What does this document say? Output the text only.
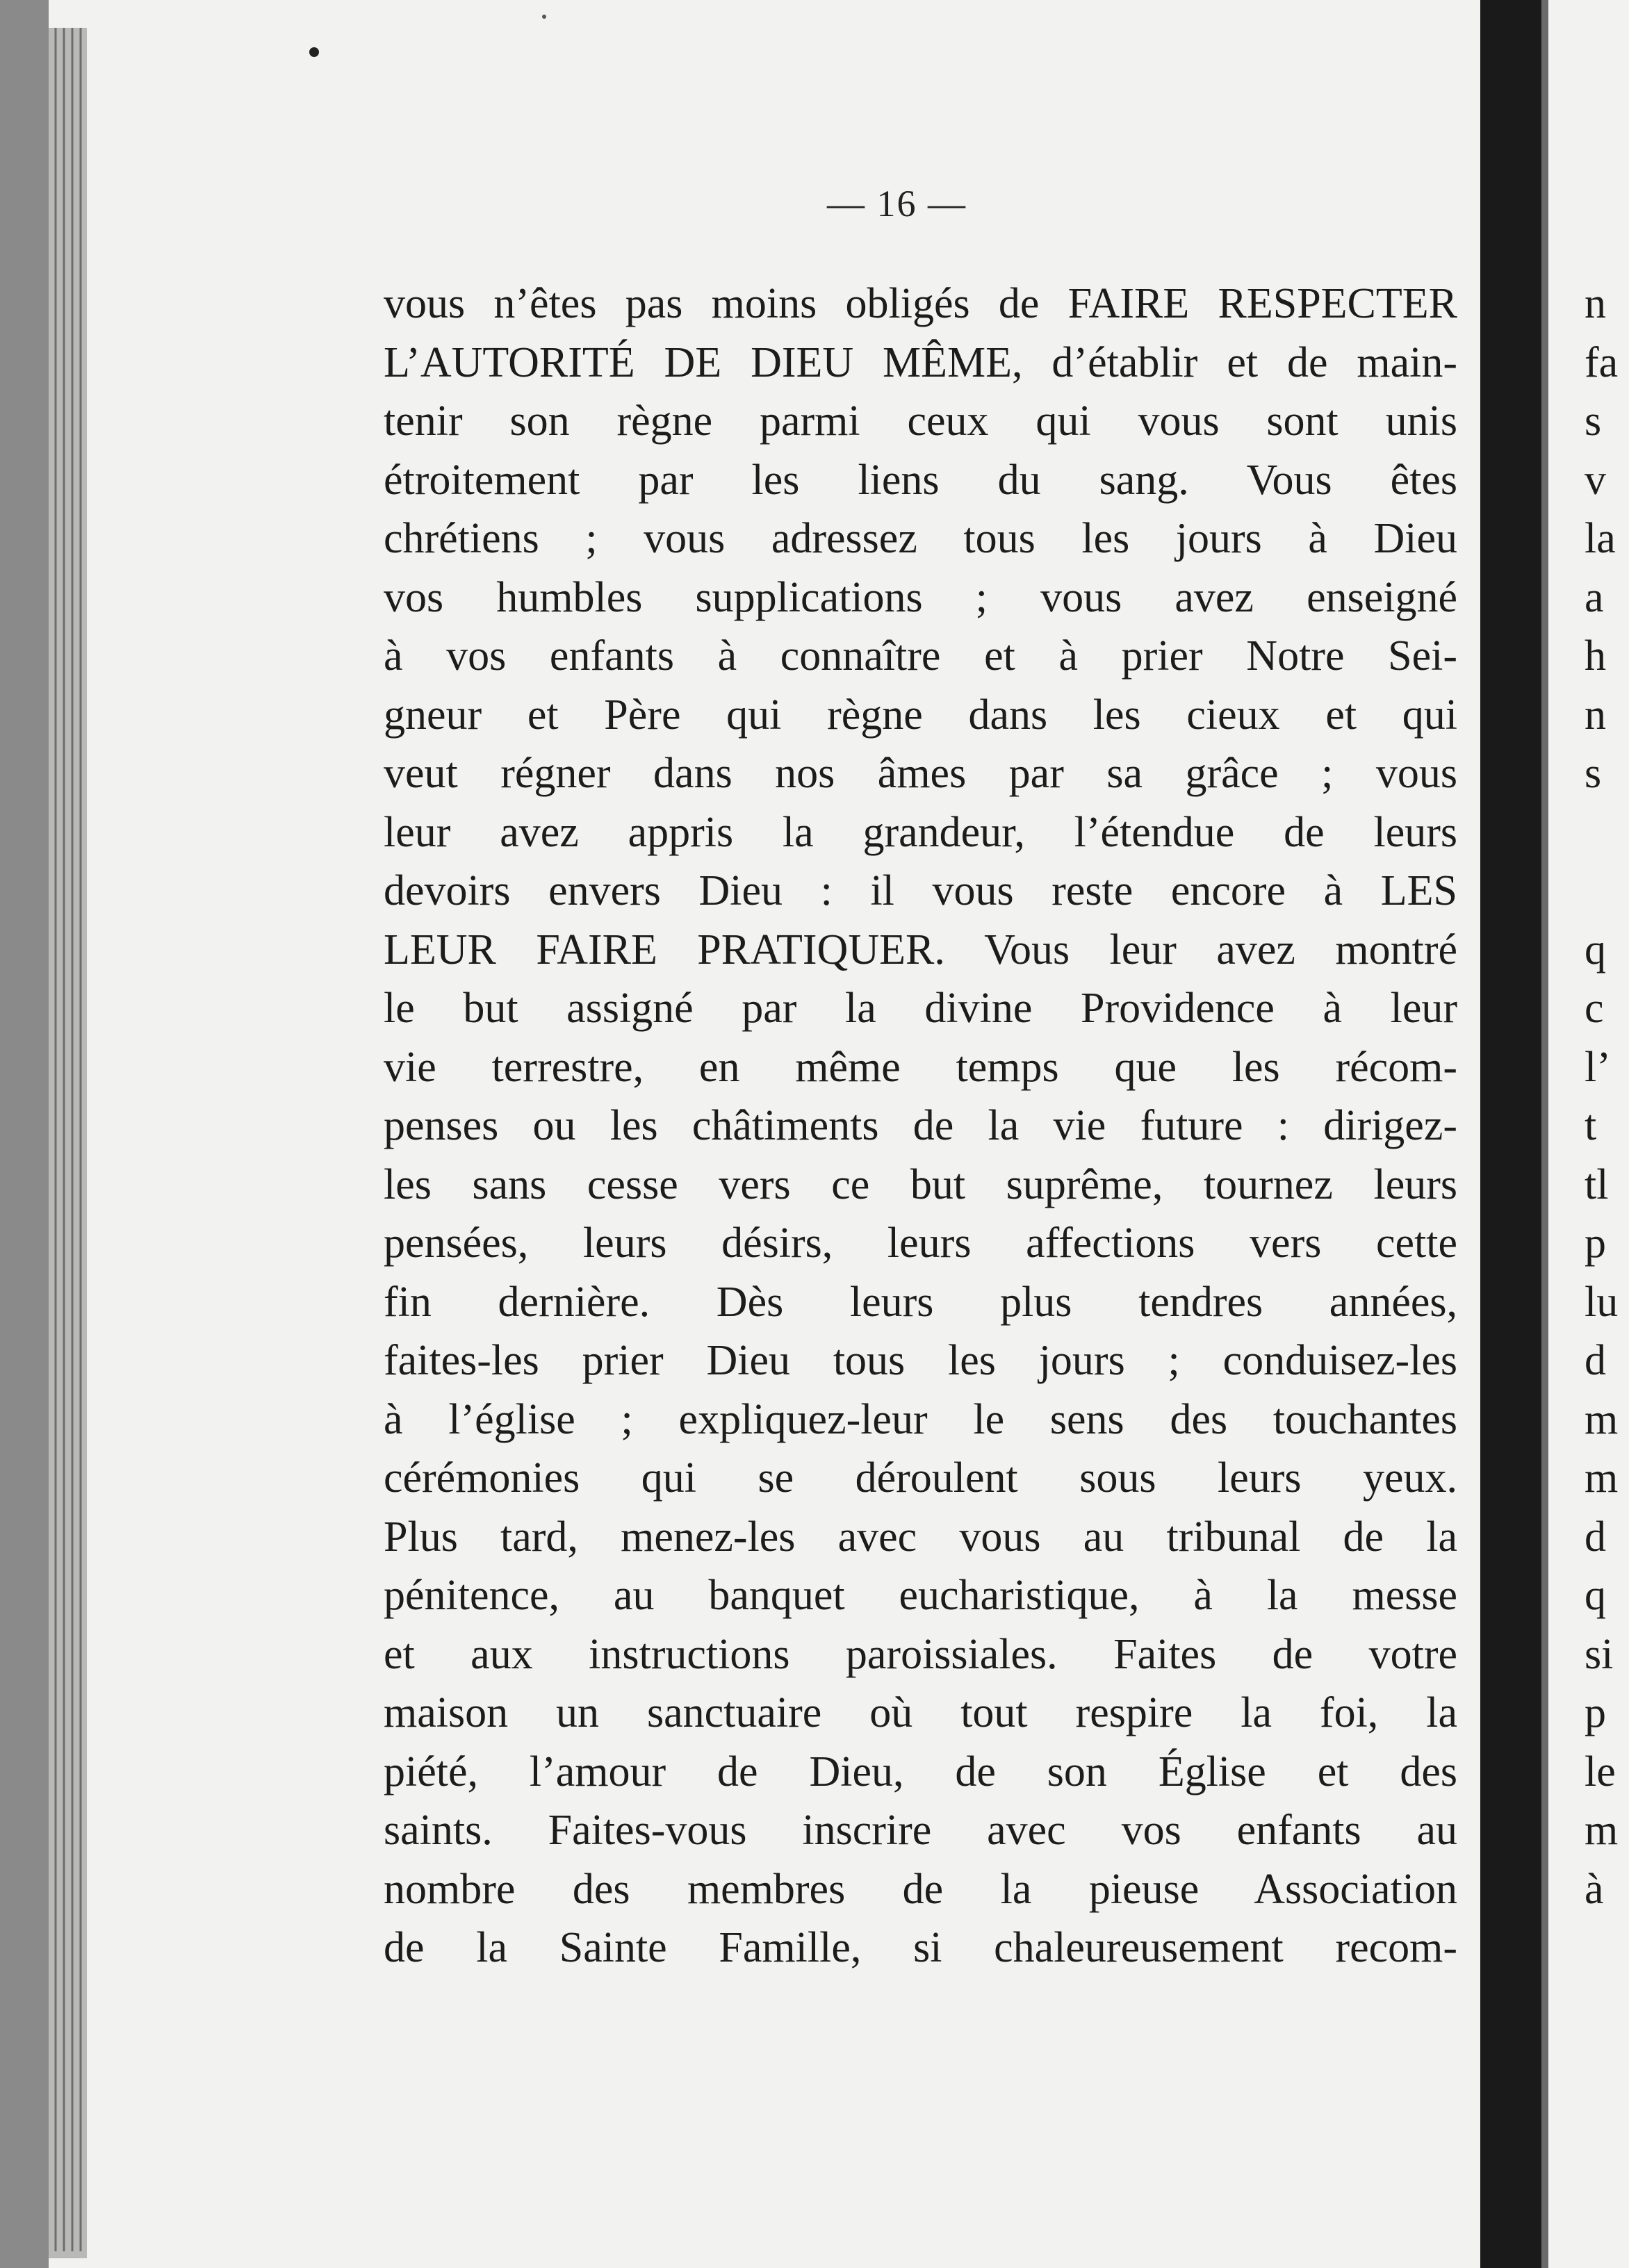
— 16 —
vous n’êtes pas moins obligés de FAIRE RESPECTER
L’AUTORITÉ DE DIEU MÊME, d’établir et de main-
tenir son règne parmi ceux qui vous sont unis
étroitement par les liens du sang. Vous êtes
chrétiens ; vous adressez tous les jours à Dieu
vos humbles supplications ; vous avez enseigné
à vos enfants à connaître et à prier Notre Sei-
gneur et Père qui règne dans les cieux et qui
veut régner dans nos âmes par sa grâce ; vous
leur avez appris la grandeur, l’étendue de leurs
devoirs envers Dieu : il vous reste encore à LES
LEUR FAIRE PRATIQUER. Vous leur avez montré
le but assigné par la divine Providence à leur
vie terrestre, en même temps que les récom-
penses ou les châtiments de la vie future : dirigez-
les sans cesse vers ce but suprême, tournez leurs
pensées, leurs désirs, leurs affections vers cette
fin dernière. Dès leurs plus tendres années,
faites-les prier Dieu tous les jours ; conduisez-les
à l’église ; expliquez-leur le sens des touchantes
cérémonies qui se déroulent sous leurs yeux.
Plus tard, menez-les avec vous au tribunal de la
pénitence, au banquet eucharistique, à la messe
et aux instructions paroissiales. Faites de votre
maison un sanctuaire où tout respire la foi, la
piété, l’amour de Dieu, de son Église et des
saints. Faites-vous inscrire avec vos enfants au
nombre des membres de la pieuse Association
de la Sainte Famille, si chaleureusement recom-
n
fa
s
v
la
a
h
n
s
q
c
l’
t
tl
p
lu
d
m
m
d
q
si
p
le
m
à
